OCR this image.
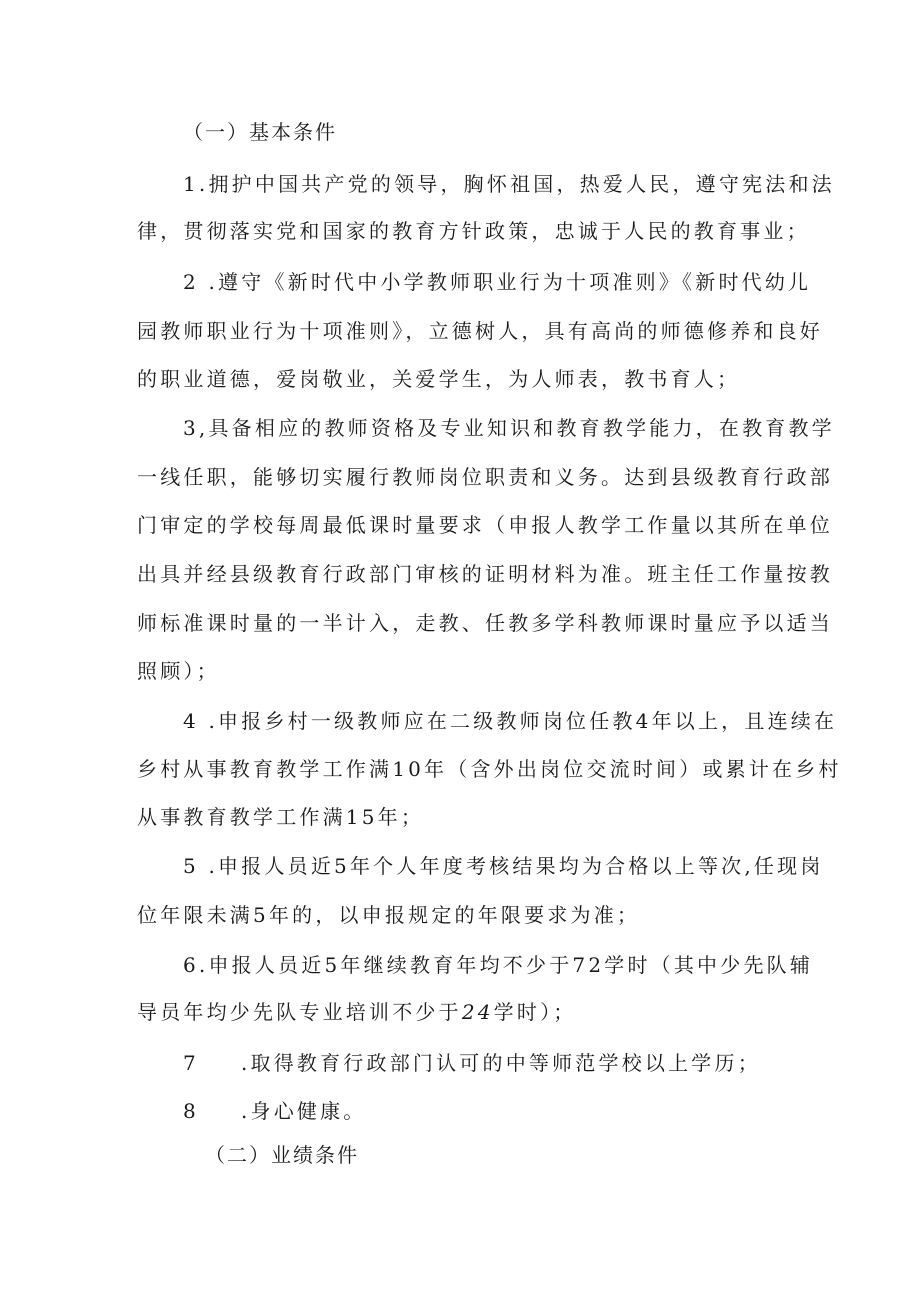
（一）基本条件
1.拥护中国共产党的领导，胸怀祖国，热爱人民，遵守宪法和法
律，贯彻落实党和国家的教育方针政策，忠诚于人民的教育事业；
2 .遵守《新时代中小学教师职业行为十项准则》《新时代幼儿
园教师职业行为十项准则》，立德树人，具有高尚的师德修养和良好
的职业道德，爱岗敬业，关爱学生，为人师表，教书育人；
3,具备相应的教师资格及专业知识和教育教学能力，在教育教学
一线任职，能够切实履行教师岗位职责和义务。达到县级教育行政部
门审定的学校每周最低课时量要求（申报人教学工作量以其所在单位
出具并经县级教育行政部门审核的证明材料为准。班主任工作量按教
师标准课时量的一半计入，走教、任教多学科教师课时量应予以适当
照顾）；
4 .申报乡村一级教师应在二级教师岗位任教4年以上，且连续在
乡村从事教育教学工作满10年（含外出岗位交流时间）或累计在乡村
从事教育教学工作满15年；
5 .申报人员近5年个人年度考核结果均为合格以上等次,任现岗
位年限未满5年的，以申报规定的年限要求为准；
6.申报人员近5年继续教育年均不少于72学时（其中少先队辅
导员年均少先队专业培训不少于24学时）；
7 .取得教育行政部门认可的中等师范学校以上学历；
8 .身心健康。
（二）业绩条件
